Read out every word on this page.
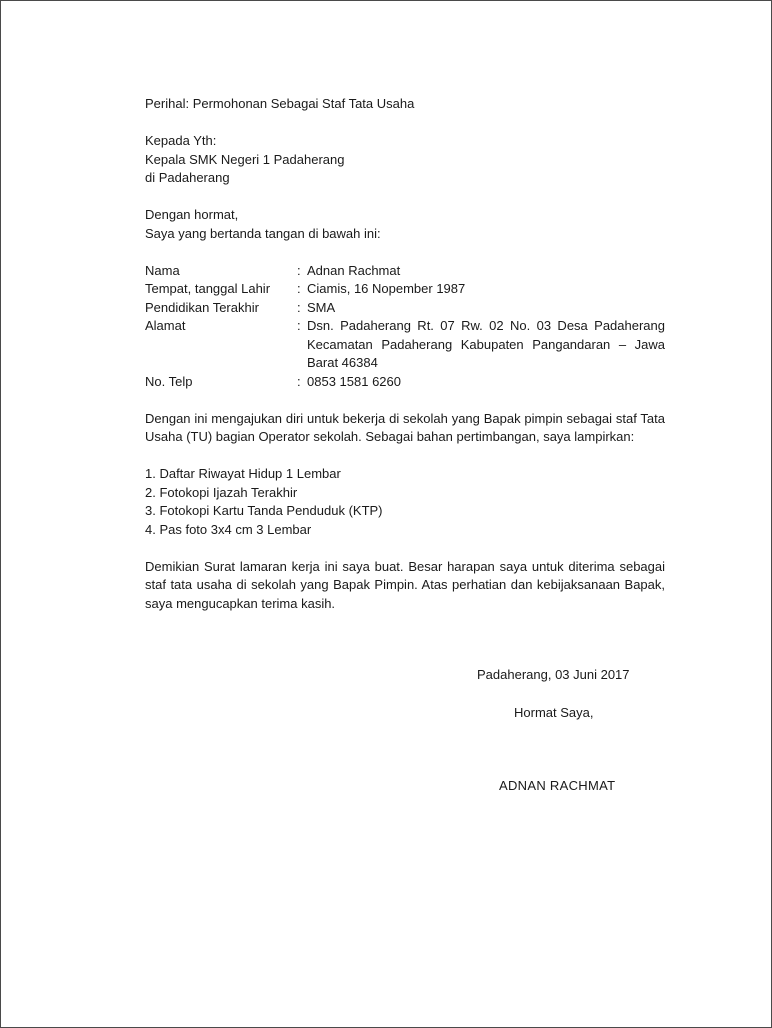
Perihal: Permohonan Sebagai Staf Tata Usaha
Kepada Yth:
Kepala SMK Negeri 1 Padaherang
di Padaherang
Dengan hormat,
Saya yang bertanda tangan di bawah ini:
Nama	: Adnan Rachmat
Tempat, tanggal Lahir	: Ciamis, 16 Nopember 1987
Pendidikan Terakhir	: SMA
Alamat	: Dsn. Padaherang Rt. 07 Rw. 02 No. 03 Desa Padaherang Kecamatan Padaherang Kabupaten Pangandaran – Jawa Barat 46384
No. Telp	: 0853 1581 6260
Dengan ini mengajukan diri untuk bekerja di sekolah yang Bapak pimpin sebagai staf Tata Usaha (TU) bagian Operator sekolah. Sebagai bahan pertimbangan, saya lampirkan:
1. Daftar Riwayat Hidup 1 Lembar
2. Fotokopi Ijazah Terakhir
3. Fotokopi Kartu Tanda Penduduk (KTP)
4. Pas foto 3x4 cm 3 Lembar
Demikian Surat lamaran kerja ini saya buat. Besar harapan saya untuk diterima sebagai staf tata usaha di sekolah yang Bapak Pimpin. Atas perhatian dan kebijaksanaan Bapak, saya mengucapkan terima kasih.
Padaherang, 03 Juni 2017
Hormat Saya,
ADNAN RACHMAT
